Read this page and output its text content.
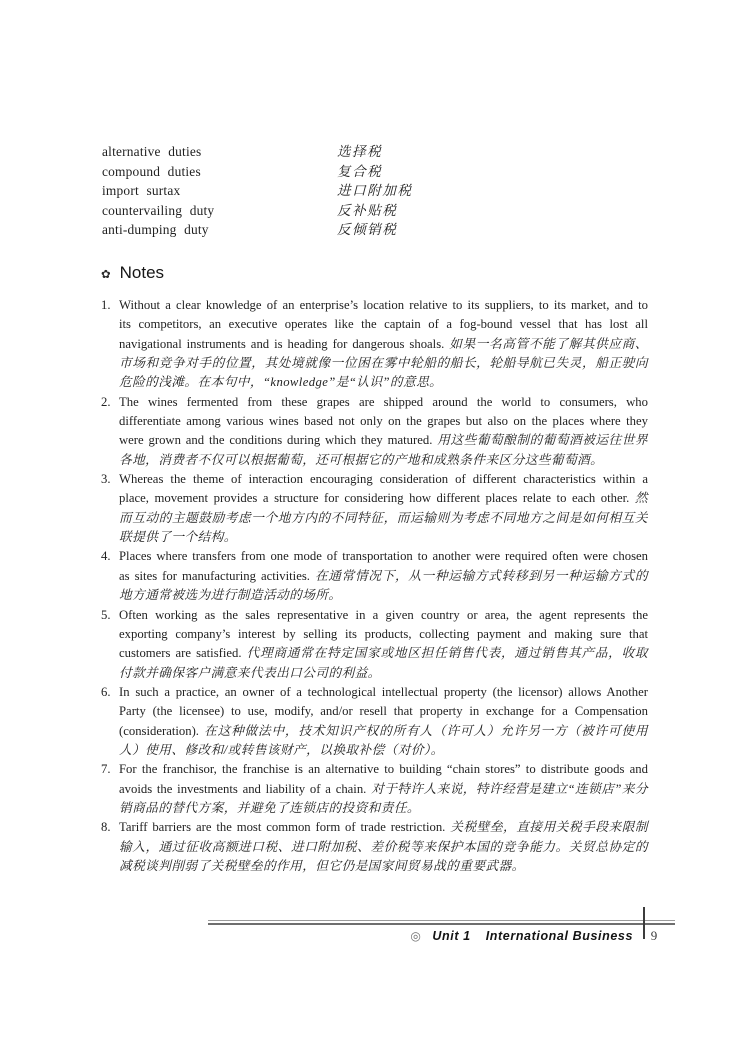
alternative duties	选择税
compound duties	复合税
import surtax	进口附加税
countervailing duty	反补贴税
anti-dumping duty	反倾销税
✿ Notes

1. Without a clear knowledge of an enterprise’s location relative to its suppliers, to its market, and to its competitors, an executive operates like the captain of a fog-bound vessel that has lost all navigational instruments and is heading for dangerous shoals. 如果一名高管不能了解其供应商、市场和竞争对手的位置，其处境就像一位困在雾中轮船的船长，轮船导航已失灵，船正驶向危险的浅滩。在本句中，“knowledge”是“认识”的意思。

2. The wines fermented from these grapes are shipped around the world to consumers, who differentiate among various wines based not only on the grapes but also on the places where they were grown and the conditions during which they matured. 用这些葡萄酿制的葡萄酒被运往世界各地，消费者不仅可以根据葡萄，还可根据它的产地和成熟条件来区分这些葡萄酒。

3. Whereas the theme of interaction encouraging consideration of different characteristics within a place, movement provides a structure for considering how different places relate to each other. 然而互动的主题鼓励考虑一个地方内的不同特征，而运输则为考虑不同地方之间是如何相互关联提供了一个结构。

4. Places where transfers from one mode of transportation to another were required often were chosen as sites for manufacturing activities. 在通常情况下，从一种运输方式转移到另一种运输方式的地方通常被选为进行制造活动的场所。

5. Often working as the sales representative in a given country or area, the agent represents the exporting company’s interest by selling its products, collecting payment and making sure that customers are satisfied. 代理商通常在特定国家或地区担任销售代表，通过销售其产品，收取付款并确保客户满意来代表出口公司的利益。

6. In such a practice, an owner of a technological intellectual property (the licensor) allows Another Party (the licensee) to use, modify, and/or resell that property in exchange for a Compensation (consideration). 在这种做法中，技术知识产权的所有人（许可人）允许另一方（被许可使用人）使用、修改和/或转售该财产，以换取补偿（对价）。

7. For the franchisor, the franchise is an alternative to building “chain stores” to distribute goods and avoids the investments and liability of a chain. 对于特许人来说，特许经营是建立“连锁店”来分销商品的替代方案，并避免了连锁店的投资和责任。

8. Tariff barriers are the most common form of trade restriction. 关税壁垒，直接用关税手段来限制输入，通过征收高额进口税、进口附加税、差价税等来保护本国的竞争能力。关贸总协定的减税谈判削弱了关税壁垒的作用，但它仍是国家间贸易战的重要武器。

◎ Unit 1 International Business	9
